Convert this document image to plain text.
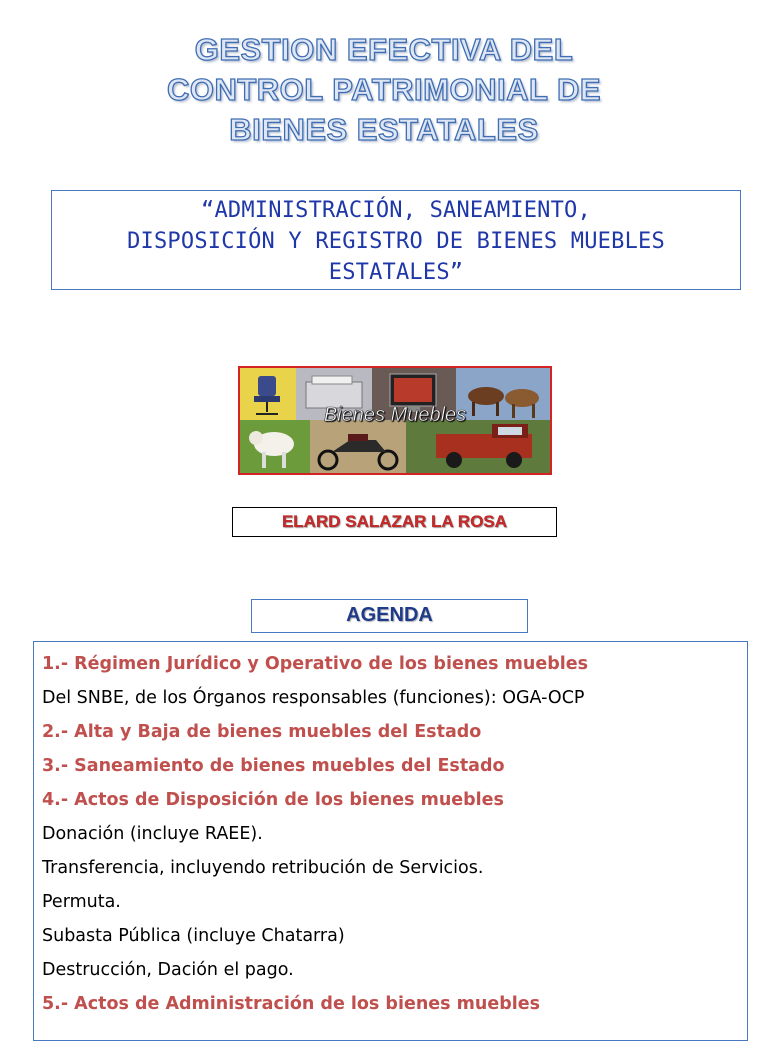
GESTION EFECTIVA DEL
CONTROL PATRIMONIAL DE
BIENES ESTATALES
“ADMINISTRACIÓN, SANEAMIENTO,
DISPOSICIÓN Y REGISTRO DE BIENES MUEBLES
ESTATALES”
Bienes Muebles
ELARD SALAZAR LA ROSA
AGENDA
1.- Régimen Jurídico y Operativo de los bienes muebles
Del SNBE, de los Órganos responsables (funciones): OGA-OCP
2.- Alta y Baja de bienes muebles del Estado
3.- Saneamiento de bienes muebles del Estado
4.- Actos de Disposición de los bienes muebles
Donación (incluye RAEE).
Transferencia, incluyendo retribución de Servicios.
Permuta.
Subasta Pública (incluye Chatarra)
Destrucción, Dación el pago.
5.- Actos de Administración de los bienes muebles
